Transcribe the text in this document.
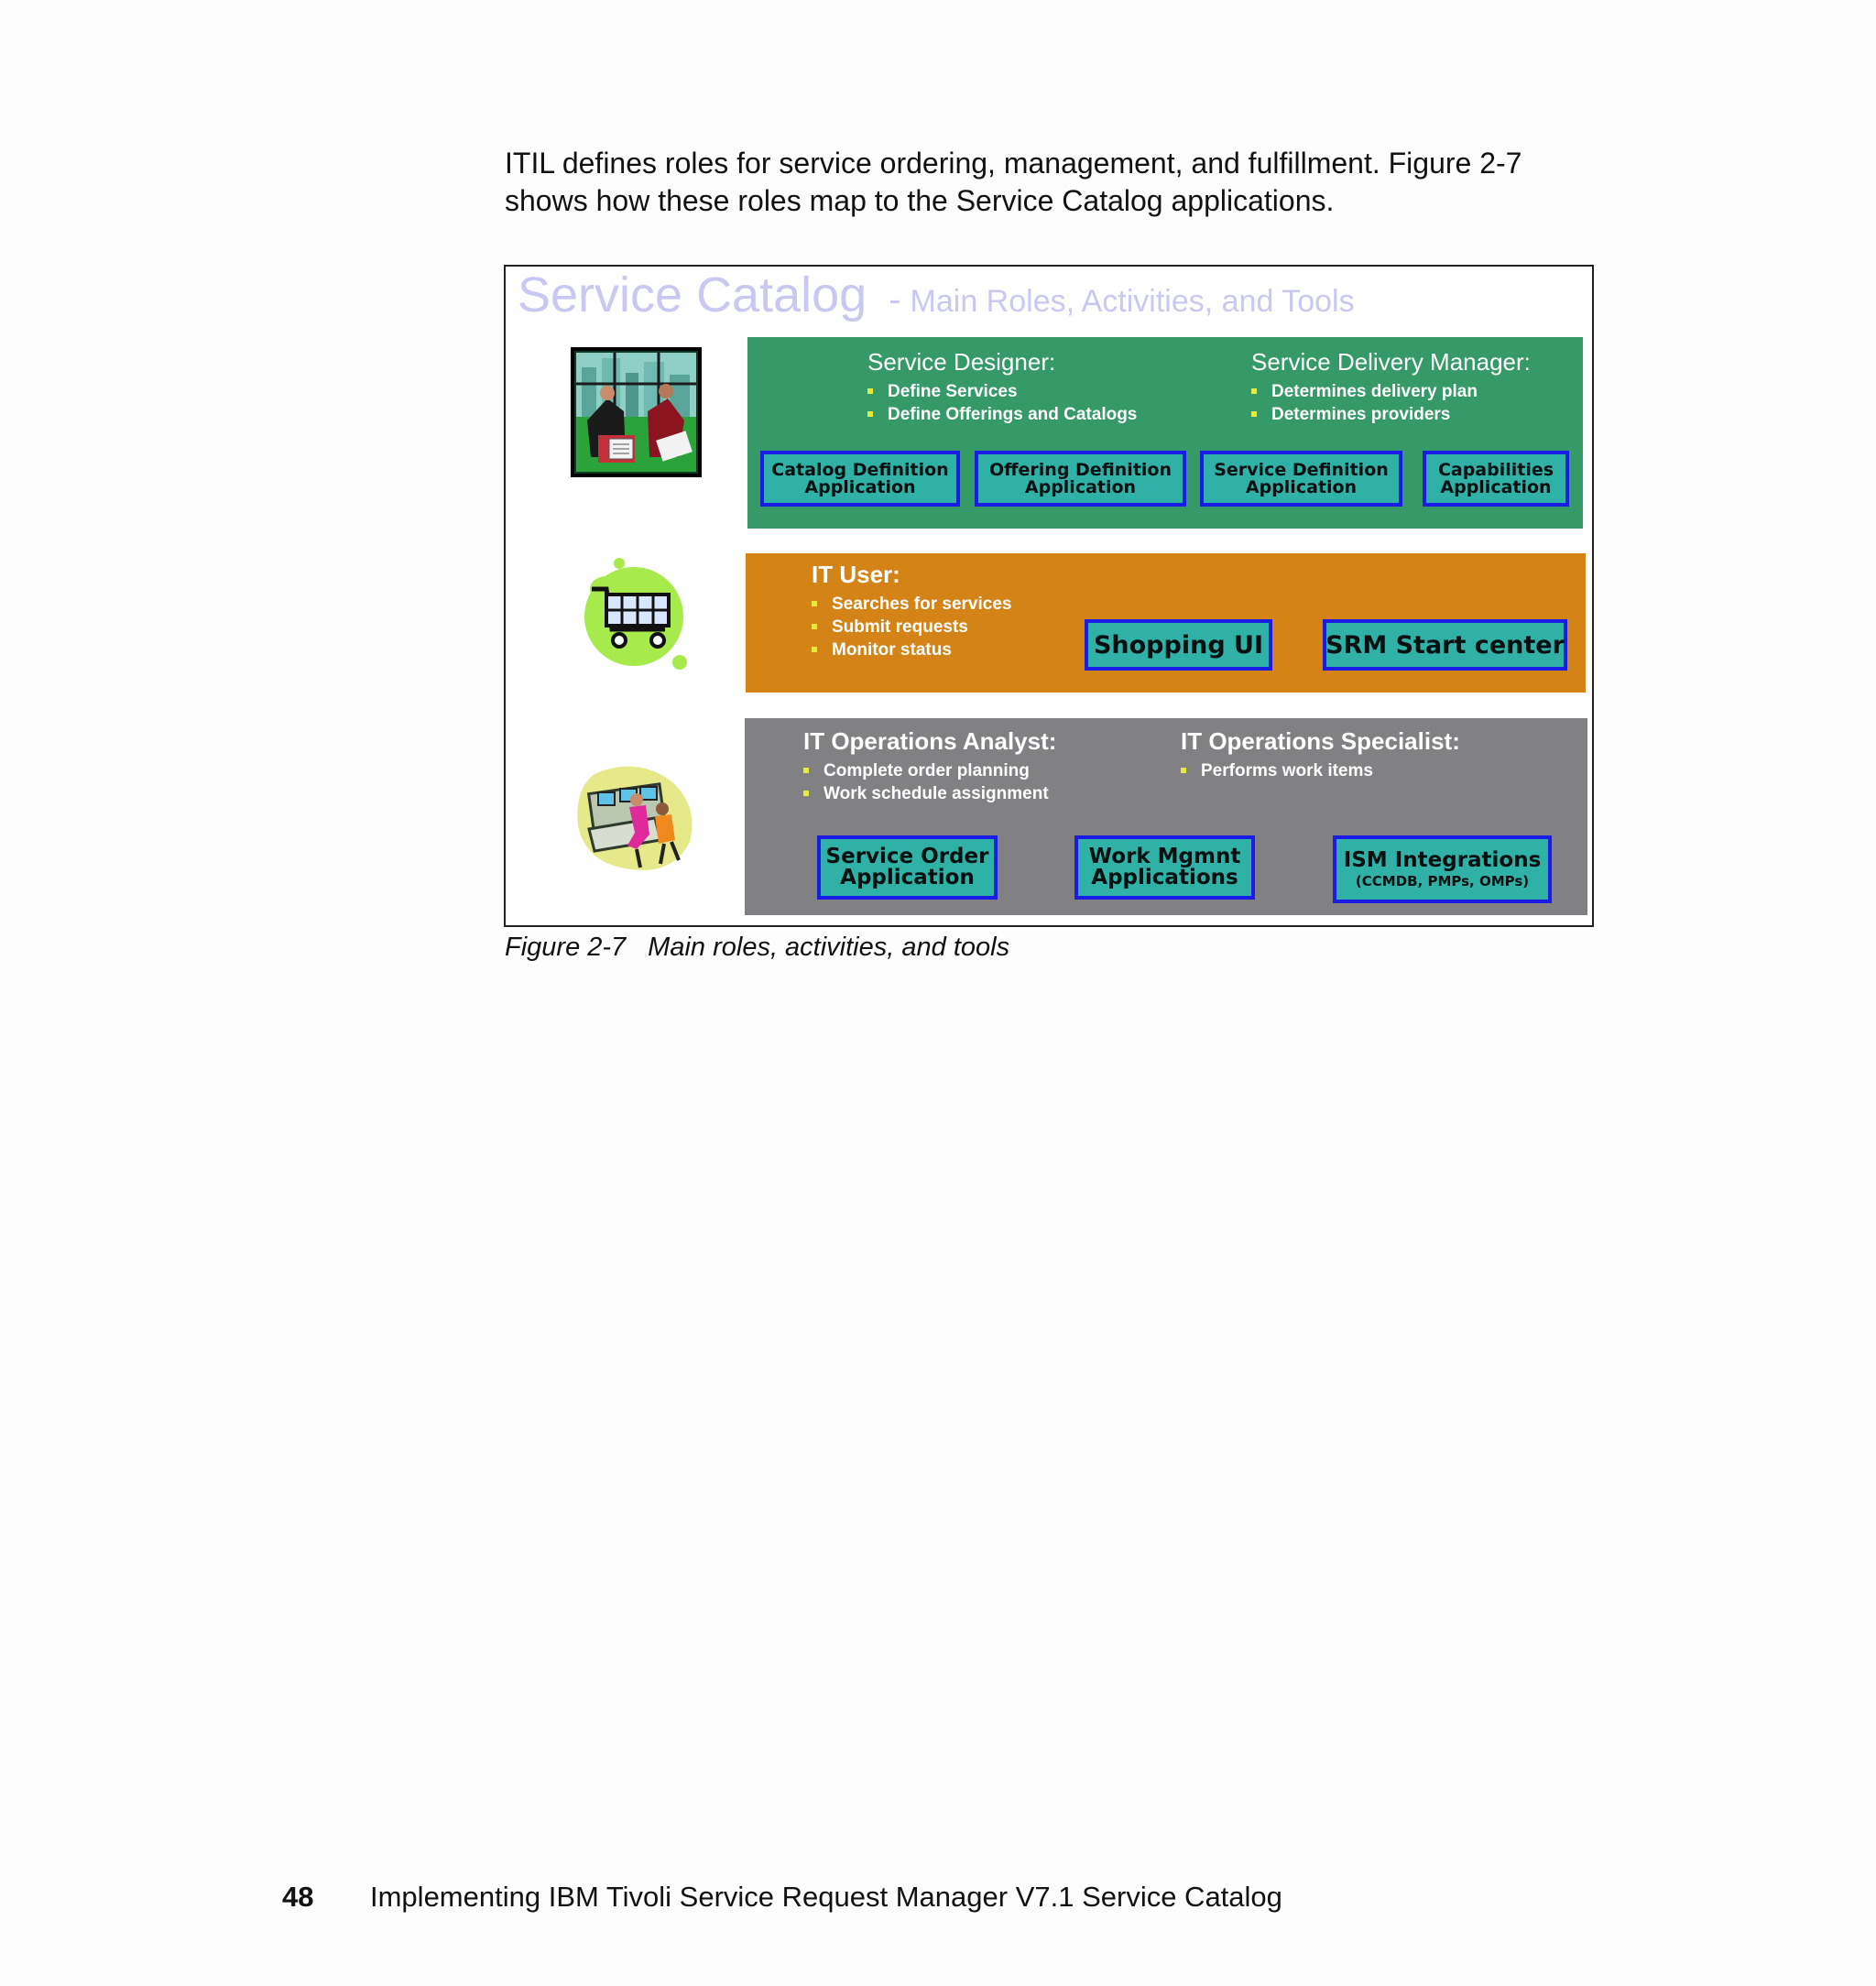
ITIL defines roles for service ordering, management, and fulfillment. Figure 2-7
shows how these roles map to the Service Catalog applications.

Service Catalog - Main Roles, Activities, and Tools
Service Designer:
Define Services
Define Offerings and Catalogs
Service Delivery Manager:
Determines delivery plan
Determines providers
Catalog Definition
Application
Offering Definition
Application
Service Definition
Application
Capabilities
Application
IT User:
Searches for services
Submit requests
Monitor status	Shopping UI	SRM Start center
IT Operations Analyst:
Complete order planning
Work schedule assignment
IT Operations Specialist:
Performs work items
Service Order
Application
Work Mgmnt
Applications
ISM Integrations
(CCMDB, PMPs, OMPs)
Figure 2-7 Main roles, activities, and tools
48 Implementing IBM Tivoli Service Request Manager V7.1 Service Catalog
